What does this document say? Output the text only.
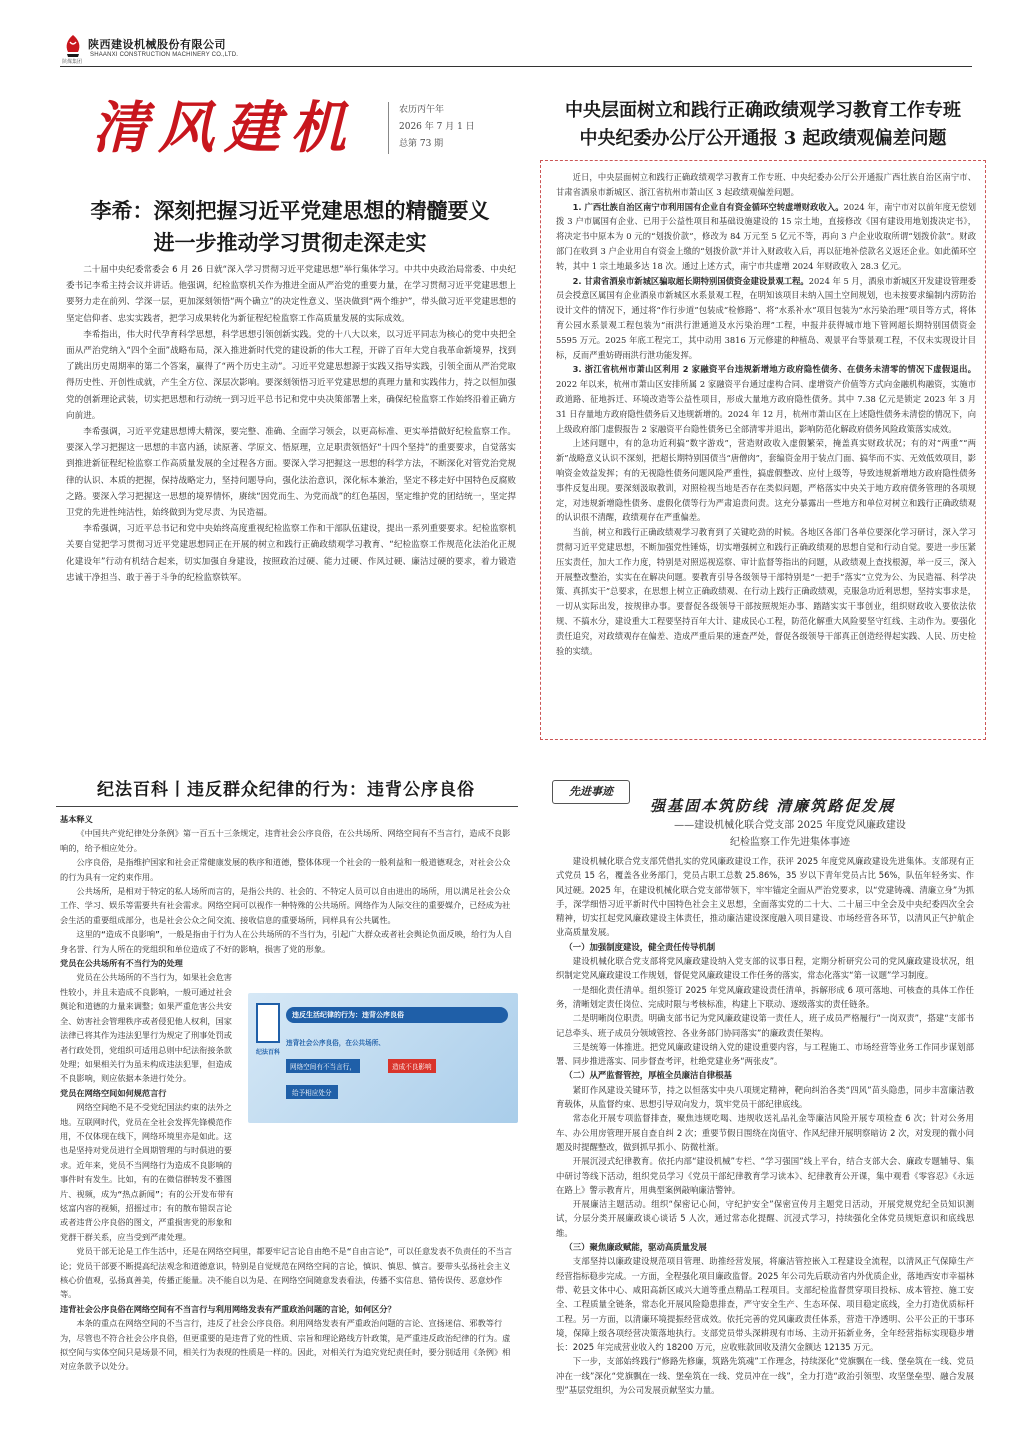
陕西建设机械股份有限公司
SHAANXI CONSTRUCTION MACHINERY CO.,LTD.
陕煤集团
清风建机	农历丙午年
2026 年 7 月 1 日
总第 73 期
中央层面树立和践行正确政绩观学习教育工作专班
中央纪委办公厅公开通报 3 起政绩观偏差问题
李希：深刻把握习近平党建思想的精髓要义
进一步推动学习贯彻走深走实

二十届中央纪委常委会 6 月 26 日就“深入学习贯彻习近平党建思想”举行集体学习。中共中央政治局常委、中央纪委书记李希主持会议并讲话。他强调，纪检监察机关作为推进全面从严治党的重要力量，在学习贯彻习近平党建思想上要努力走在前列、学深一层，更加深刻领悟“两个确立”的决定性意义、坚决做到“两个维护”，带头做习近平党建思想的坚定信仰者、忠实实践者，把学习成果转化为新征程纪检监察工作高质量发展的实际成效。

李希指出，伟大时代孕育科学思想，科学思想引领创新实践。党的十八大以来，以习近平同志为核心的党中央把全面从严治党纳入“四个全面”战略布局，深入推进新时代党的建设新的伟大工程，开辟了百年大党自我革命新境界，找到了跳出历史周期率的第二个答案，赢得了“两个历史主动”。习近平党建思想源于实践又指导实践，引领全面从严治党取得历史性、开创性成就，产生全方位、深层次影响。要深刻领悟习近平党建思想的真理力量和实践伟力，持之以恒加强党的创新理论武装，切实把思想和行动统一到习近平总书记和党中央决策部署上来，确保纪检监察工作始终沿着正确方向前进。

李希强调，习近平党建思想博大精深，要完整、准确、全面学习领会，以更高标准、更实举措做好纪检监察工作。要深入学习把握这一思想的丰富内涵，读原著、学原文、悟原理，立足职责领悟好“十四个坚持”的重要要求，自觉落实到推进新征程纪检监察工作高质量发展的全过程各方面。要深入学习把握这一思想的科学方法，不断深化对管党治党规律的认识、本质的把握，保持战略定力，坚持问题导向，强化法治意识，深化标本兼治，坚定不移走好中国特色反腐败之路。要深入学习把握这一思想的境界情怀，赓续“因党而生、为党而战”的红色基因，坚定维护党的团结统一，坚定捍卫党的先进性纯洁性，始终做到为党尽责、为民造福。

李希强调，习近平总书记和党中央始终高度重视纪检监察工作和干部队伍建设，提出一系列重要要求。纪检监察机关要自觉把学习贯彻习近平党建思想同正在开展的树立和践行正确政绩观学习教育、“纪检监察工作规范化法治化正规化建设年”行动有机结合起来，切实加强自身建设，按照政治过硬、能力过硬、作风过硬、廉洁过硬的要求，着力锻造忠诚干净担当、敢于善于斗争的纪检监察铁军。

近日，中央层面树立和践行正确政绩观学习教育工作专班、中央纪委办公厅公开通报广西壮族自治区南宁市、甘肃省酒泉市新城区、浙江省杭州市萧山区 3 起政绩观偏差问题。

1. 广西壮族自治区南宁市利用国有企业自有资金循环空转虚增财政收入。2024 年，南宁市对以前年度无偿划拨 3 户市属国有企业、已用于公益性项目和基础设施建设的 15 宗土地，直接修改《国有建设用地划拨决定书》，将决定书中原本为 0 元的“划拨价款”，修改为 84 万元至 5 亿元不等，再向 3 户企业收取所谓“划拨价款”。财政部门在收到 3 户企业用自有资金上缴的“划拨价款”并计入财政收入后，再以征地补偿款名义返还企业。如此循环空转，其中 1 宗土地最多达 18 次。通过上述方式，南宁市共虚增 2024 年财政收入 28.3 亿元。

2. 甘肃省酒泉市新城区骗取超长期特别国债资金建设景观工程。2024 年 5 月，酒泉市新城区开发建设管理委员会授意区属国有企业酒泉市新城区水系景观工程，在明知该项目未纳入国土空间规划，也未按要求编制内涝防治设计文件的情况下，通过将“作行步道”包装成“检修路”、将“水系补水”项目包装为“水污染治理”项目等方式，将体育公园水系景观工程包装为“雨洪行泄通道及水污染治理”工程，申报并获得城市地下管网超长期特别国债资金 5595 万元。2025 年底工程完工，其中动用 3816 万元修建的种植岛、观景平台等景观工程，不仅未实现设计目标，反而严重妨碍雨洪行泄功能发挥。

3. 浙江省杭州市萧山区利用 2 家融资平台违规新增地方政府隐性债务、在债务未清零的情况下虚假退出。2022 年以来，杭州市萧山区安排所属 2 家融资平台通过虚构合同、虚增资产价值等方式向金融机构融资，实施市政道路、征地拆迁、环境改造等公益性项目，形成大量地方政府隐性债务。其中 7.38 亿元是锁定 2023 年 3 月 31 日存量地方政府隐性债务后又违规新增的。2024 年 12 月，杭州市萧山区在上述隐性债务未清偿的情况下，向上级政府部门虚假报告 2 家融资平台隐性债务已全部清零并退出，影响防范化解政府债务风险政策落实成效。

上述问题中，有的急功近利搞“数字游戏”，营造财政收入虚假繁荣，掩盖真实财政状况；有的对“两重”“两新”战略意义认识不深刻，把超长期特别国债当“唐僧肉”，套编资金用于装点门面、搞华而不实、无效低效项目，影响资金效益发挥；有的无视隐性债务问题风险严重性，搞虚假整改、应付上级等，导致违规新增地方政府隐性债务事件反复出现。要深刻汲取教训，对照检视当地是否存在类似问题，严格落实中央关于地方政府债务管理的各项规定，对违规新增隐性债务、虚假化债等行为严肃追责问责。这充分暴露出一些地方和单位对树立和践行正确政绩观的认识很不清醒，政绩观存在严重偏差。

当前，树立和践行正确政绩观学习教育到了关键吃劲的时候。各地区各部门各单位要深化学习研讨，深入学习贯彻习近平党建思想，不断加强党性锤炼，切实增强树立和践行正确政绩观的思想自觉和行动自觉。要进一步压紧压实责任，加大工作力度，特别是对照巡视巡察、审计监督等指出的问题，从政绩观上查找根源，举一反三，深入开展整改整治，实实在在解决问题。要教育引导各级领导干部特别是“一把手”落实“立党为公、为民造福、科学决策、真抓实干”总要求，在思想上树立正确政绩观、在行动上践行正确政绩观，克服急功近利思想，坚持实事求是，一切从实际出发，按规律办事。要督促各级领导干部按照规矩办事、踏踏实实干事创业，组织财政收入要依法依规、不搞水分，建设重大工程要坚持百年大计、建成民心工程，防范化解重大风险要坚守红线、主动作为。要强化责任追究，对政绩观存在偏差、造成严重后果的速查严处，督促各级领导干部真正创造经得起实践、人民、历史检验的实绩。

纪法百科丨违反群众纪律的行为：违背公序良俗

基本释义

《中国共产党纪律处分条例》第一百五十三条规定，违背社会公序良俗，在公共场所、网络空间有不当言行，造成不良影响的，给予相应处分。

公序良俗，是指维护国家和社会正常健康发展的秩序和道德，整体体现一个社会的一般利益和一般道德观念，对社会公众的行为具有一定约束作用。

公共场所，是相对于特定的私人场所而言的，是指公共的、社会的、不特定人员可以自由进出的场所，用以满足社会公众工作、学习、娱乐等需要共有社会需求。网络空间可以视作一种特殊的公共场所。网络作为人际交往的重要媒介，已经成为社会生活的重要组成部分，也是社会公众之间交流、接收信息的重要场所，同样具有公共属性。

这里的“造成不良影响”，一般是指由于行为人在公共场所的不当行为，引起广大群众或者社会舆论负面反映，给行为人自身名誉、行为人所在的党组织和单位造成了不好的影响，损害了党的形象。

党员在公共场所有不当行为的处理

党员在公共场所的不当行为，如果社会危害性较小，并且未造成不良影响，一般可通过社会舆论和道德的力量来调整；如果严重危害公共安全、妨害社会管理秩序或者侵犯他人权利，国家法律已将其作为违法犯罪行为规定了刑事处罚或者行政处罚，党组织可适用总则中纪法衔接条款处理；如果相关行为虽未构成违法犯罪，但造成不良影响，则应依据本条进行处分。

党员在网络空间如何规范言行

网络空间绝不是不受党纪国法约束的法外之地。互联网时代，党员在全社会发挥先锋模范作用，不仅体现在线下，网络环境里亦是如此。这也是坚持对党员进行全周期管理的与时俱进的要求。近年来，党员不当网络行为造成不良影响的事件时有发生。比如，有的在微信群转发不雅图片、视频，成为“热点新闻”；有的公开发布带有炫富内容的视频，招摇过市；有的散布错误言论或者违背公序良俗的图文，严重损害党的形象和党群干群关系，应当受到严肃处理。

党员干部无论是工作生活中，还是在网络空间里，都要牢记言论自由绝不是“自由言论”，可以任意发表不负责任的不当言论；党员干部要不断提高纪法观念和道德意识，特别是自觉规范在网络空间的言论，慎识、慎思、慎言。要带头弘扬社会主义核心价值观，弘扬真善美，传播正能量。决不能自以为是、在网络空间随意发表看法，传播不实信息、错传误传、恶意炒作等。

违背社会公序良俗在网络空间有不当言行与利用网络发表有严重政治问题的言论，如何区分？

本条的重点在网络空间的不当言行，违反了社会公序良俗。利用网络发表有严重政治问题的言论、宣扬迷信、邪教等行为，尽管也不符合社会公序良俗，但更重要的是违背了党的性质、宗旨和理论路线方针政策，是严重违反政治纪律的行为。虚拟空间与实体空间只是场景不同，相关行为表现的性质是一样的。因此，对相关行为追究党纪责任时，要分别适用《条例》相对应条款予以处分。

纪法百科
违反生活纪律的行为：违背公序良俗
违背社会公序良俗，在公共场所、
网络空间有不当言行，	造成不良影响
给予相应处分
先进事迹
强基固本筑防线 清廉筑路促发展
——建设机械化联合党支部 2025 年度党风廉政建设
纪检监察工作先进集体事迹

建设机械化联合党支部凭借扎实的党风廉政建设工作，获评 2025 年度党风廉政建设先进集体。支部现有正式党员 15 名，覆盖各业务部门，党员占职工总数 25.86%，35 岁以下青年党员占比 56%，队伍年轻务实、作风过硬。2025 年，在建设机械化联合党支部带领下，牢牢锚定全面从严治党要求，以“党建铸魂、清廉立身”为抓手，深学细悟习近平新时代中国特色社会主义思想，全面落实党的二十大、二十届三中全会及中央纪委四次全会精神，切实扛起党风廉政建设主体责任，推动廉洁建设深度融入项目建设、市场经营各环节，以清风正气护航企业高质量发展。

（一）加强制度建设，健全责任传导机制

建设机械化联合党支部将党风廉政建设纳入党支部的议事日程，定期分析研究公司的党风廉政建设状况，组织制定党风廉政建设工作规划，督促党风廉政建设工作任务的落实，常态化落实“第一议题”学习制度。

一是细化责任清单。组织签订 2025 年党风廉政建设责任清单，拆解形成 6 项可落地、可核查的具体工作任务，清晰划定责任岗位、完成时限与考核标准，构建上下联动、逐级落实的责任链条。

二是明晰岗位职责。明确支部书记为党风廉政建设第一责任人，班子成员严格履行“一岗双责”，搭建“支部书记总牵头、班子成员分领域管控、各业务部门协同落实”的廉政责任架构。

三是统筹一体推进。把党风廉政建设纳入党的建设重要内容，与工程施工、市场经营等业务工作同步谋划部署、同步推进落实、同步督查考评，杜绝党建业务“两张皮”。

（二）从严监督管控，厚植全员廉洁自律根基

紧盯作风建设关键环节，持之以恒落实中央八项规定精神，靶向纠治各类“四风”苗头隐患，同步丰富廉洁教育载体，从监督约束、思想引导双向发力，筑牢党员干部纪律底线。

常态化开展专项监督排查，聚焦违规吃喝、违规收送礼品礼金等廉洁风险开展专项检查 6 次；针对公务用车、办公用房管理开展自查自纠 2 次；重要节假日围绕在岗值守、作风纪律开展明察暗访 2 次，对发现的微小问题及时提醒整改，做到抓早抓小、防微杜渐。

开展沉浸式纪律教育。依托内部“建设机械”专栏、“学习强国”线上平台，结合支部大会、廉政专题辅导、集中研讨等线下活动，组织党员学习《党员干部纪律教育学习读本》、纪律教育公开课，集中观看《零容忍》《永远在路上》警示教育片，用典型案例敲响廉洁警钟。

开展廉洁主题活动。组织“保密记心间，守纪护安全”保密宣传月主题党日活动，开展党规党纪全员知识测试，分层分类开展廉政谈心谈话 5 人次，通过常态化提醒、沉浸式学习，持续强化全体党员规矩意识和底线思维。

（三）聚焦廉政赋能，驱动高质量发展

支部坚持以廉政建设规范项目管理、助推经营发展，将廉洁管控嵌入工程建设全流程，以清风正气保障生产经营指标稳步完成。一方面，全程强化项目廉政监督。2025 年公司先后联动省内外优质企业，落地西安市幸福林带、乾县文体中心、咸阳高新区咸兴大道等重点精品工程项目。支部纪检监督贯穿项目投标、成本管控、施工安全、工程质量全链条，常态化开展风险隐患排查，严守安全生产、生态环保、项目稳定底线，全力打造优质标杆工程。另一方面，以清廉环境提振经营成效。依托完善的党风廉政责任体系，营造干净透明、公平公正的干事环境，保障上级各项经营决策落地执行。支部党员带头深耕现有市场、主动开拓新业务，全年经营指标实现稳步增长：2025 年完成营业收入约 18200 万元，应收账款回收及清欠金额达 12135 万元。

下一步，支部始终践行“修路先修廉，筑路先筑魂”工作理念，持续深化“党旗飘在一线、堡垒筑在一线、党员冲在一线”深化“党旗飘在一线、堡垒筑在一线、党员冲在一线”，全力打造“政治引领型、攻坚堡垒型、融合发展型”基层党组织，为公司发展贡献坚实力量。
